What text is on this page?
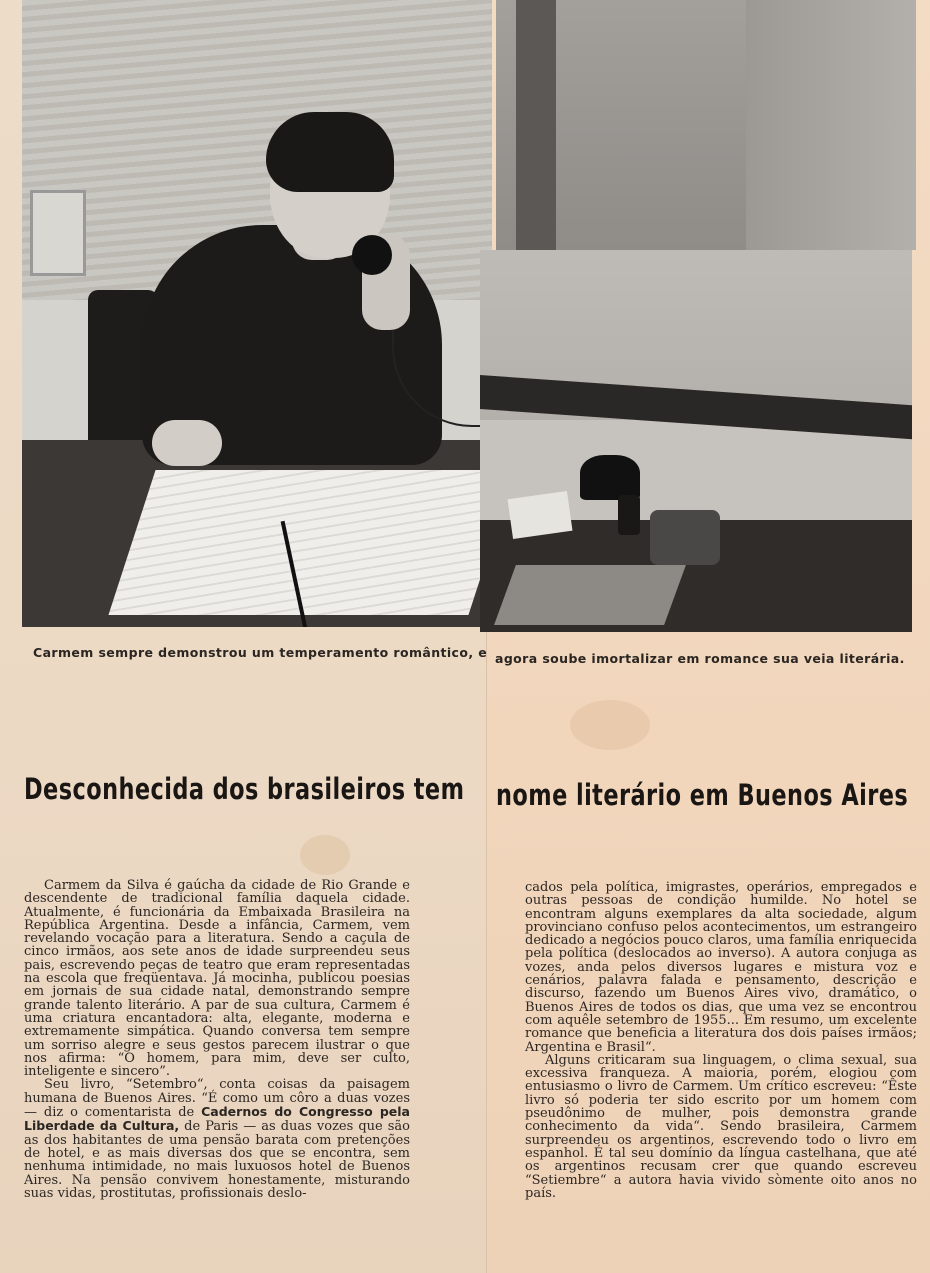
Carmem sempre demonstrou um temperamento romântico, e agora soube imortalizar em romance sua veia literária.
Desconhecida dos brasileiros tem nome literário em Buenos Aires

Carmem da Silva é gaúcha da cidade de Rio Grande e descendente de tradicional família daquela cidade. Atualmente, é funcionária da Embaixada Brasileira na República Argentina. Desde a infância, Carmem, vem revelando vocação para a literatura. Sendo a caçula de cinco irmãos, aos sete anos de idade surpreendeu seus pais, escrevendo peças de teatro que eram representadas na escola que freqüentava. Já mocinha, publicou poesias em jornais de sua cidade natal, demonstrando sempre grande talento literário. A par de sua cultura, Carmem é uma criatura encantadora: alta, elegante, moderna e extremamente simpática. Quando conversa tem sempre um sorriso alegre e seus gestos parecem ilustrar o que nos afirma: “O homem, para mim, deve ser culto, inteligente e sincero”.

Seu livro, “Setembro“, conta coisas da paisagem humana de Buenos Aires. “É como um côro a duas vozes — diz o comentarista de Cadernos do Congresso pela Liberdade da Cultura, de Paris — as duas vozes que são as dos habitantes de uma pensão barata com pretenções de hotel, e as mais diversas dos que se encontra, sem nenhuma intimidade, no mais luxuosos hotel de Buenos Aires. Na pensão convivem honestamente, misturando suas vidas, prostitutas, profissionais deslo-

cados pela política, imigrastes, operários, empregados e outras pessoas de condição humilde. No hotel se encontram alguns exemplares da alta sociedade, algum provinciano confuso pelos acontecimentos, um estrangeiro dedicado a negócios pouco claros, uma família enriquecida pela política (deslocados ao inverso). A autora conjuga as vozes, anda pelos diversos lugares e mistura voz e cenários, palavra falada e pensamento, descrição e discurso, fazendo um Buenos Aires vivo, dramático, o Buenos Aires de todos os dias, que uma vez se encontrou com aquêle setembro de 1955... Em resumo, um excelente romance que beneficia a literatura dos dois países irmãos; Argentina e Brasil“.

Alguns criticaram sua linguagem, o clima sexual, sua excessiva franqueza. A maioria, porém, elogiou com entusiasmo o livro de Carmem. Um crítico escreveu: “Êste livro só poderia ter sido escrito por um homem com pseudônimo de mulher, pois demonstra grande conhecimento da vida“. Sendo brasileira, Carmem surpreendeu os argentinos, escrevendo todo o livro em espanhol. É tal seu domínio da língua castelhana, que até os argentinos recusam crer que quando escreveu “Setiembre“ a autora havia vivido sòmente oito anos no país.
